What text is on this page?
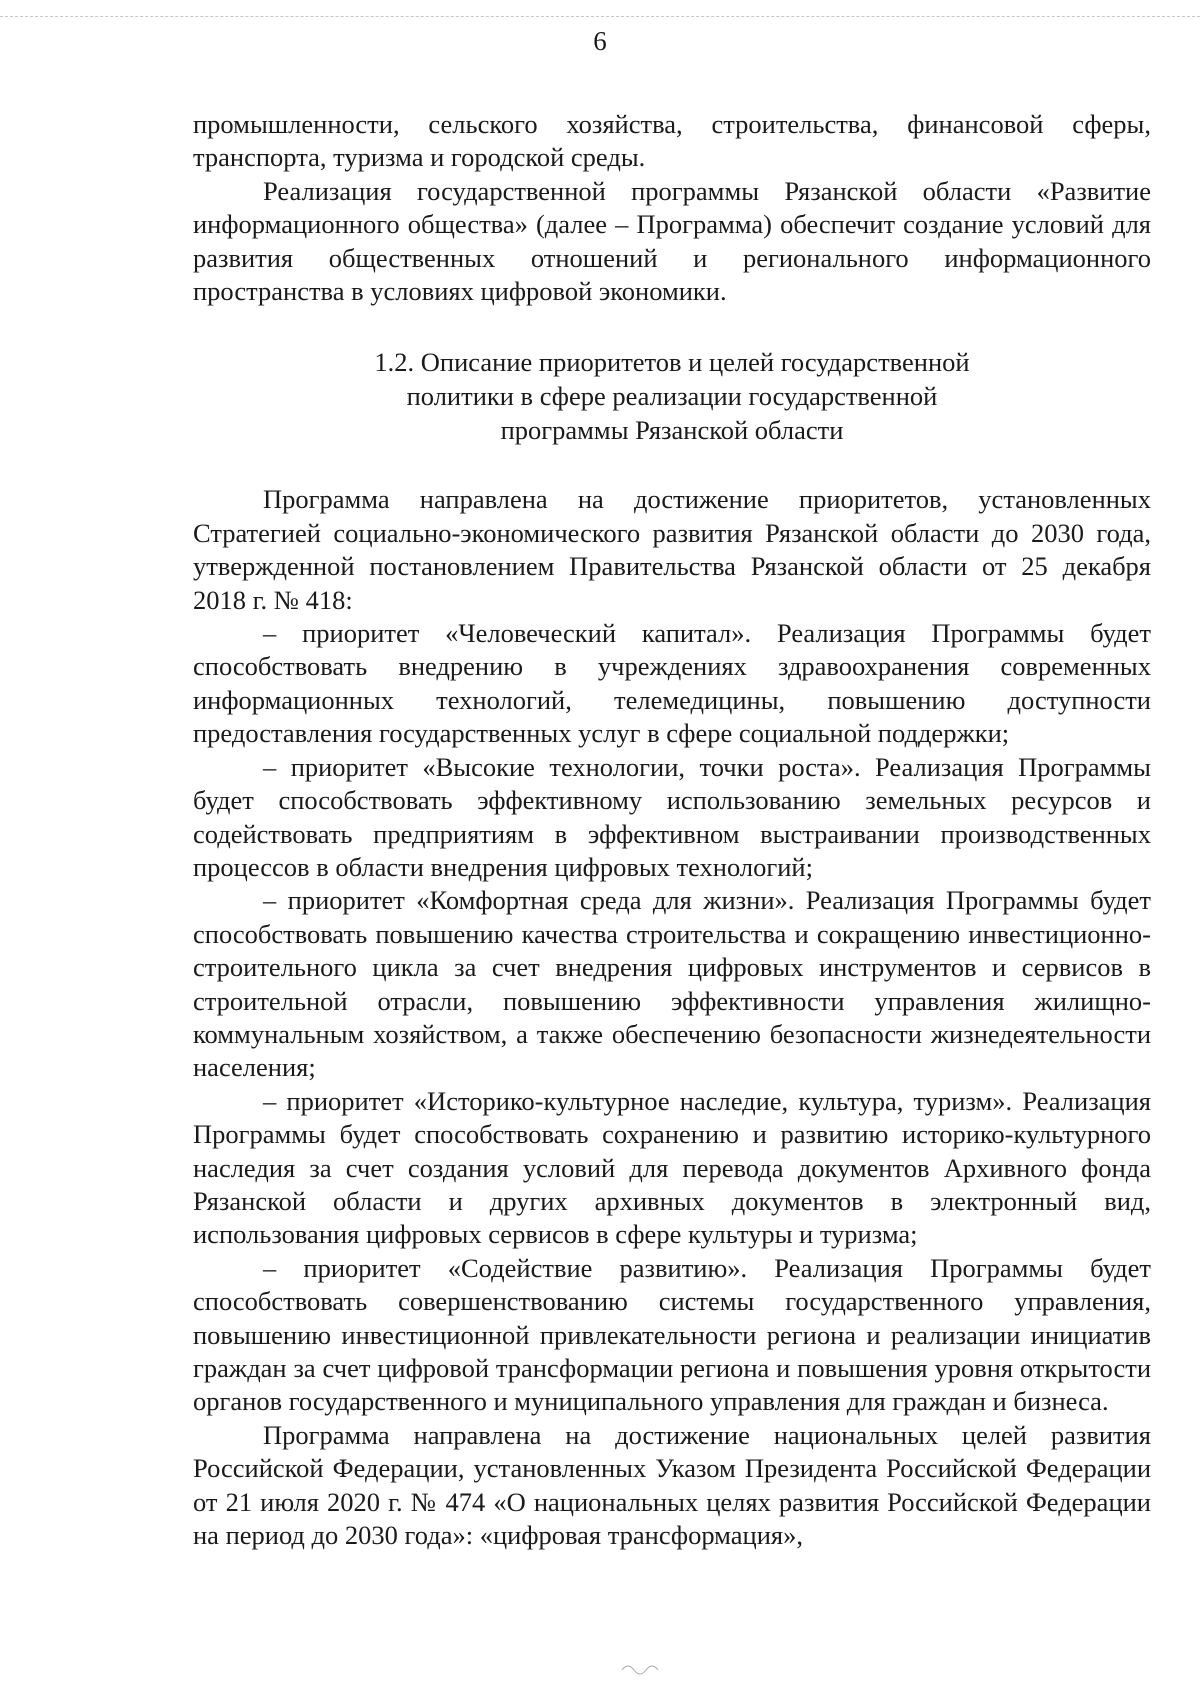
6

промышленности, сельского хозяйства, строительства, финансовой сферы, транспорта, туризма и городской среды.

Реализация государственной программы Рязанской области «Развитие информационного общества» (далее – Программа) обеспечит создание условий для развития общественных отношений и регионального информационного пространства в условиях цифровой экономики.

1.2. Описание приоритетов и целей государственной
политики в сфере реализации государственной
программы Рязанской области

Программа направлена на достижение приоритетов, установленных Стратегией социально-экономического развития Рязанской области до 2030 года, утвержденной постановлением Правительства Рязанской области от 25 декабря 2018 г. № 418:

– приоритет «Человеческий капитал». Реализация Программы будет способствовать внедрению в учреждениях здравоохранения современных информационных технологий, телемедицины, повышению доступности предоставления государственных услуг в сфере социальной поддержки;

– приоритет «Высокие технологии, точки роста». Реализация Программы будет способствовать эффективному использованию земельных ресурсов и содействовать предприятиям в эффективном выстраивании производственных процессов в области внедрения цифровых технологий;

– приоритет «Комфортная среда для жизни». Реализация Программы будет способствовать повышению качества строительства и сокращению инвестиционно-строительного цикла за счет внедрения цифровых инструментов и сервисов в строительной отрасли, повышению эффективности управления жилищно-коммунальным хозяйством, а также обеспечению безопасности жизнедеятельности населения;

– приоритет «Историко-культурное наследие, культура, туризм». Реализация Программы будет способствовать сохранению и развитию историко-культурного наследия за счет создания условий для перевода документов Архивного фонда Рязанской области и других архивных документов в электронный вид, использования цифровых сервисов в сфере культуры и туризма;

– приоритет «Содействие развитию». Реализация Программы будет способствовать совершенствованию системы государственного управления, повышению инвестиционной привлекательности региона и реализации инициатив граждан за счет цифровой трансформации региона и повышения уровня открытости органов государственного и муниципального управления для граждан и бизнеса.

Программа направлена на достижение национальных целей развития Российской Федерации, установленных Указом Президента Российской Федерации от 21 июля 2020 г. № 474 «О национальных целях развития Российской Федерации на период до 2030 года»: «цифровая трансформация»,
